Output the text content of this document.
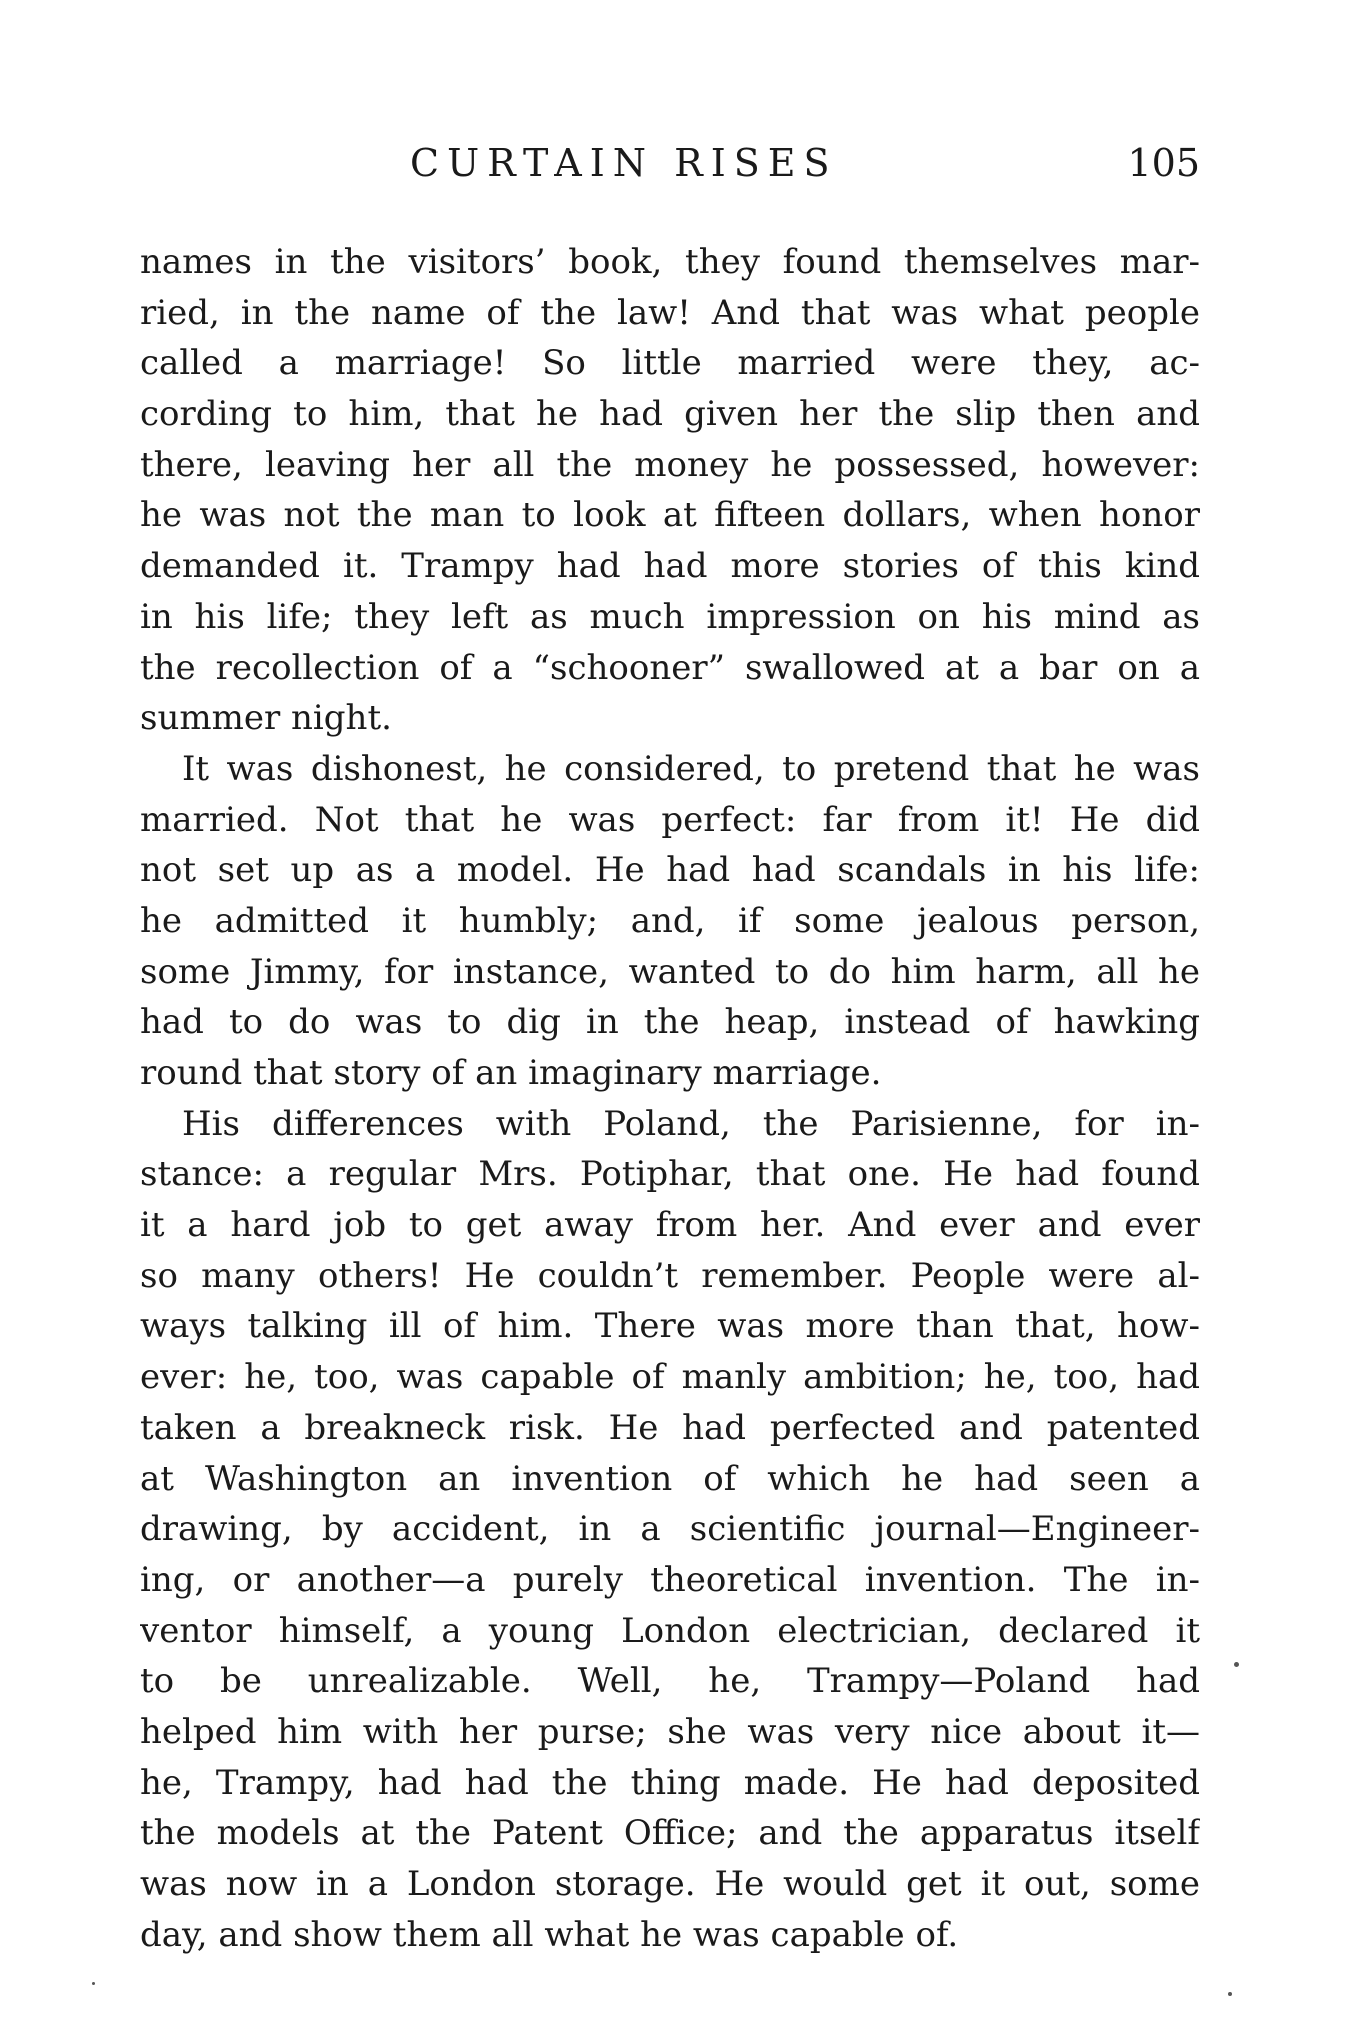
CURTAIN RISES	105
names in the visitors’ book, they found themselves mar-
ried, in the name of the law! And that was what people
called a marriage! So little married were they, ac-
cording to him, that he had given her the slip then and
there, leaving her all the money he possessed, however:
he was not the man to look at fifteen dollars, when honor
demanded it. Trampy had had more stories of this kind
in his life; they left as much impression on his mind as
the recollection of a “schooner” swallowed at a bar on a
summer night.
It was dishonest, he considered, to pretend that he was
married. Not that he was perfect: far from it! He did
not set up as a model. He had had scandals in his life:
he admitted it humbly; and, if some jealous person,
some Jimmy, for instance, wanted to do him harm, all he
had to do was to dig in the heap, instead of hawking
round that story of an imaginary marriage.
His differences with Poland, the Parisienne, for in-
stance: a regular Mrs. Potiphar, that one. He had found
it a hard job to get away from her. And ever and ever
so many others! He couldn’t remember. People were al-
ways talking ill of him. There was more than that, how-
ever: he, too, was capable of manly ambition; he, too, had
taken a breakneck risk. He had perfected and patented
at Washington an invention of which he had seen a
drawing, by accident, in a scientific journal—Engineer-
ing, or another—a purely theoretical invention. The in-
ventor himself, a young London electrician, declared it
to be unrealizable. Well, he, Trampy—Poland had
helped him with her purse; she was very nice about it—
he, Trampy, had had the thing made. He had deposited
the models at the Patent Office; and the apparatus itself
was now in a London storage. He would get it out, some
day, and show them all what he was capable of.
